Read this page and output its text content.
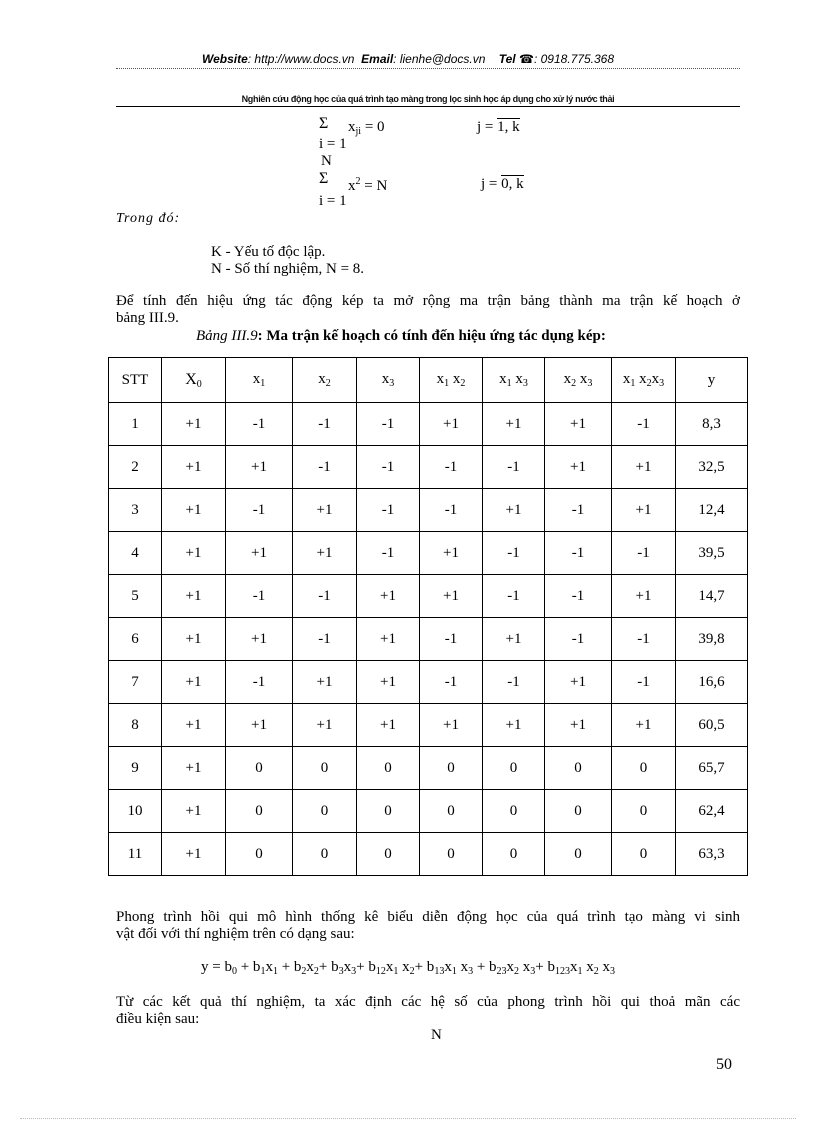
Website: http://www.docs.vn Email: lienhe@docs.vn Tel ☎: 0918.775.368
Nghiên cứu động học của quá trình tạo màng trong lọc sinh học áp dụng cho xử lý nước thải
Σ $x_{ji} = 0$
i = 1
j = 1, k
N
Σ $x^2 = N$
i = 1
j = 0, k
Trong đó:
K - Yếu tố độc lập.
N - Số thí nghiệm, N = 8.
Để tính đến hiệu ứng tác động kép ta mở rộng ma trận bảng thành ma trận kế hoạch ở
bảng III.9.
Bảng III.9: Ma trận kế hoạch có tính đến hiệu ứng tác dụng kép:
STT	$X_0$	$x_1$	$x_2$	$x_3$	$x_1$ $x_2$	$x_1$ $x_3$	$x_2$ $x_3$	$x_1$ $x_2x_3$	y
1	+1	-1	-1	-1	+1	+1	+1	-1	8,3
2	+1	+1	-1	-1	-1	-1	+1	+1	32,5
3	+1	-1	+1	-1	-1	+1	-1	+1	12,4
4	+1	+1	+1	-1	+1	-1	-1	-1	39,5
5	+1	-1	-1	+1	+1	-1	-1	+1	14,7
6	+1	+1	-1	+1	-1	+1	-1	-1	39,8
7	+1	-1	+1	+1	-1	-1	+1	-1	16,6
8	+1	+1	+1	+1	+1	+1	+1	+1	60,5
9	+1	0	0	0	0	0	0	0	65,7
10	+1	0	0	0	0	0	0	0	62,4
11	+1	0	0	0	0	0	0	0	63,3
Phong trình hồi qui mô hình thống kê biểu diễn động học của quá trình tạo màng vi sinh
vật đối với thí nghiệm trên có dạng sau:
$y = b_0 + b_1x_1 + b_2x_2+ b_3x_3+ b_{12}x_1$ $x_2+ b_{13}x_1$ $x_3 + b_{23}x_2$ $x_3+ b_{123}x_1$ $x_2$ $x_3$
Từ các kết quả thí nghiệm, ta xác định các hệ số của phong trình hồi qui thoả mãn các
điều kiện sau:
N
50
